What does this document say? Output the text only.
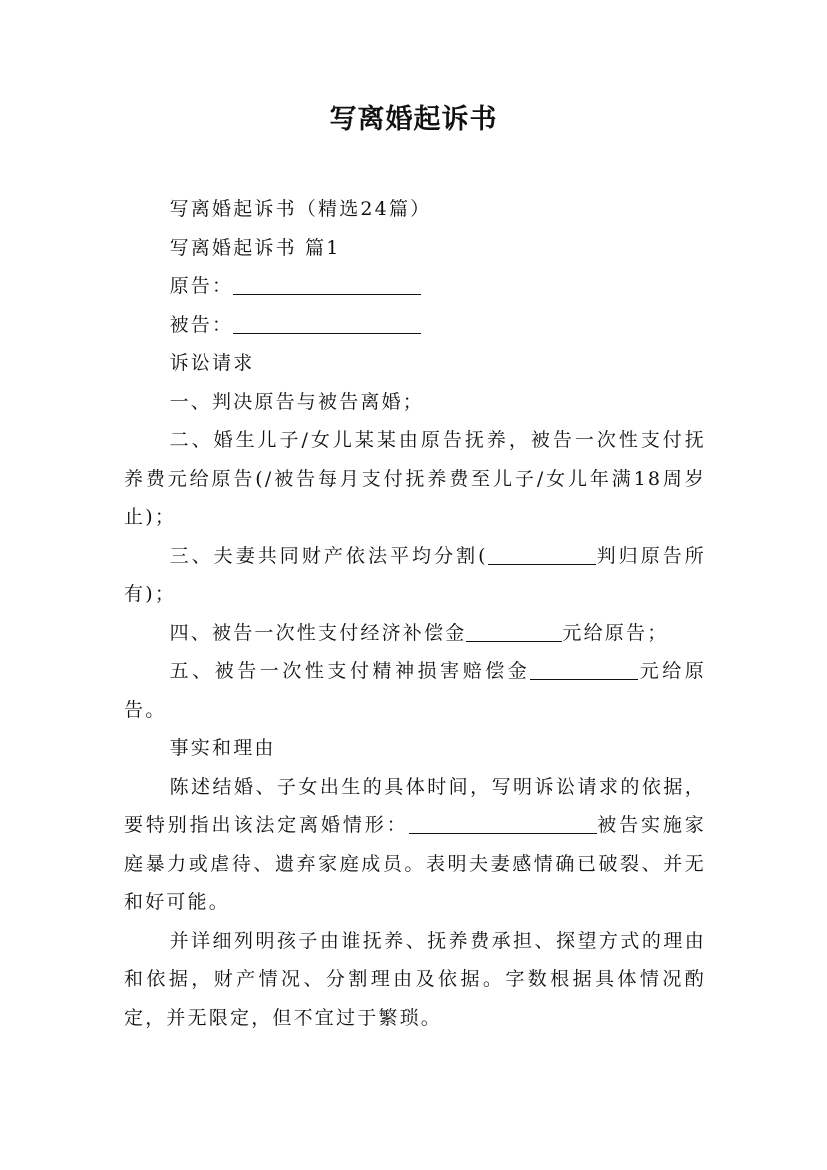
写离婚起诉书

写离婚起诉书（精选24篇）

写离婚起诉书 篇1

原告：

被告：

诉讼请求

一、判决原告与被告离婚；

二、婚生儿子/女儿某某由原告抚养，被告一次性支付抚养费元给原告(/被告每月支付抚养费至儿子/女儿年满18周岁止)；

三、夫妻共同财产依法平均分割(	判归原告所有)；

四、被告一次性支付经济补偿金	元给原告；

五、被告一次性支付精神损害赔偿金	元给原告。

事实和理由

陈述结婚、子女出生的具体时间，写明诉讼请求的依据，要特别指出该法定离婚情形：	被告实施家庭暴力或虐待、遗弃家庭成员。表明夫妻感情确已破裂、并无和好可能。

并详细列明孩子由谁抚养、抚养费承担、探望方式的理由和依据，财产情况、分割理由及依据。字数根据具体情况酌定，并无限定，但不宜过于繁琐。
